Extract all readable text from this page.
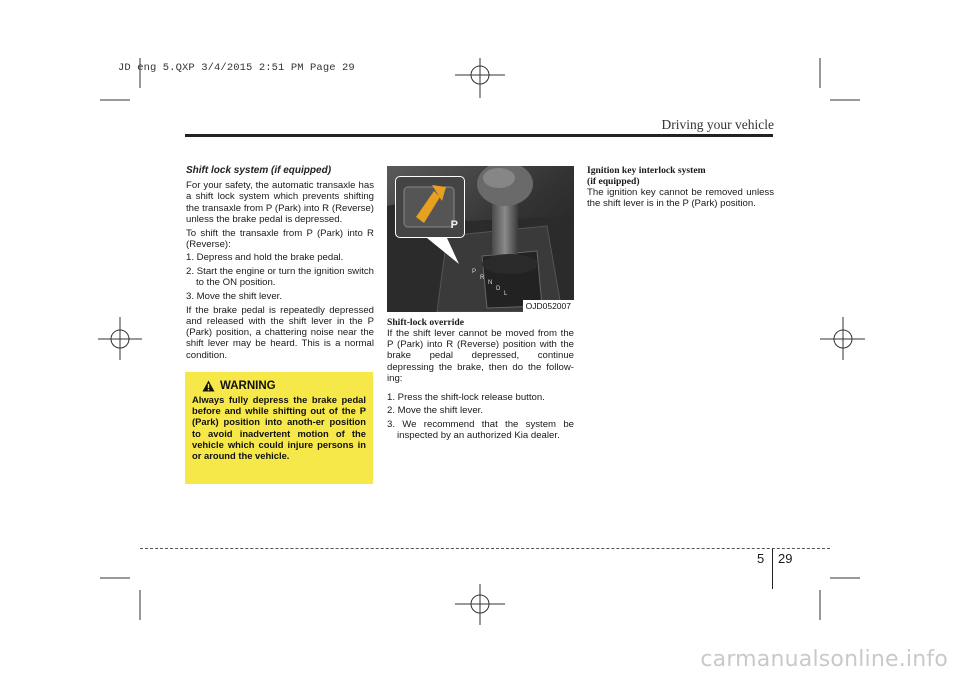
JD eng 5.QXP 3/4/2015 2:51 PM Page 29
Driving your vehicle

Shift lock system (if equipped)

For your safety, the automatic transaxle has a shift lock system which prevents shifting the transaxle from P (Park) into R (Reverse) unless the brake pedal is depressed.

To shift the transaxle from P (Park) into R (Reverse):

1. Depress and hold the brake pedal.

2. Start the engine or turn the ignition switch to the ON position.

3. Move the shift lever.

If the brake pedal is repeatedly depressed and released with the shift lever in the P (Park) position, a chattering noise near the shift lever may be heard. This is a normal condition.

WARNING
Always fully depress the brake pedal before and while shifting out of the P (Park) position into anoth-er position to avoid inadvertent motion of the vehicle which could injure persons in or around the vehicle.
P
R
N
D
L
P
OJD052007

Shift-lock override

If the shift lever cannot be moved from the P (Park) into R (Reverse) position with the brake pedal depressed, continue depressing the brake, then do the follow-ing:

1. Press the shift-lock release button.

2. Move the shift lever.

3. We recommend that the system be inspected by an authorized Kia dealer.

Ignition key interlock system

(if equipped)

The ignition key cannot be removed unless the shift lever is in the P (Park) position.

5 29
carmanualsonline.info
